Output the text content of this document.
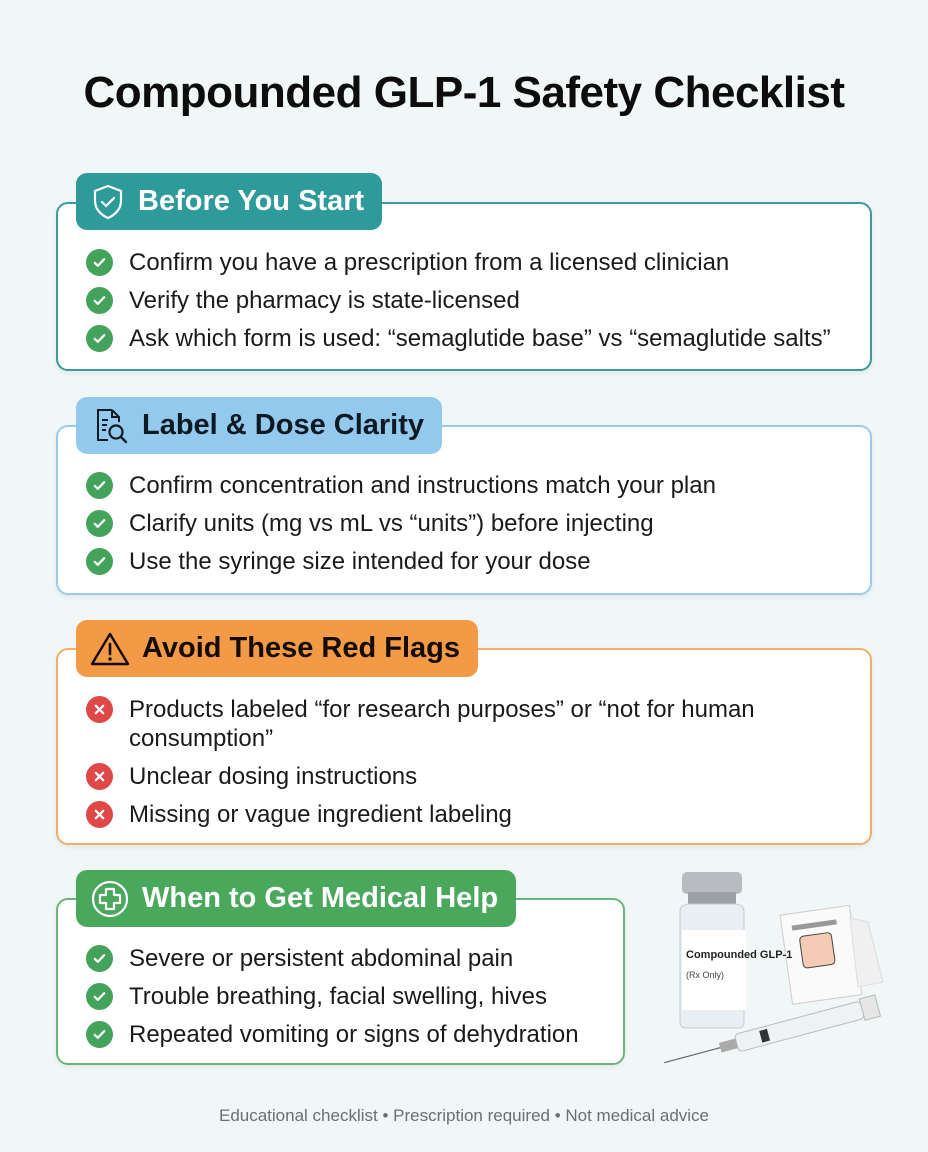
Compounded GLP-1 Safety Checklist
Confirm you have a prescription from a licensed clinician
Verify the pharmacy is state-licensed
Ask which form is used: “semaglutide base” vs “semaglutide salts”
Before You Start
Confirm concentration and instructions match your plan
Clarify units (mg vs mL vs “units”) before injecting
Use the syringe size intended for your dose
Label & Dose Clarity
Products labeled “for research purposes” or “not for human consumption”
Unclear dosing instructions
Missing or vague ingredient labeling
Avoid These Red Flags
Severe or persistent abdominal pain
Trouble breathing, facial swelling, hives
Repeated vomiting or signs of dehydration
When to Get Medical Help
Compounded GLP-1
(Rx Only)
Educational checklist • Prescription required • Not medical advice
